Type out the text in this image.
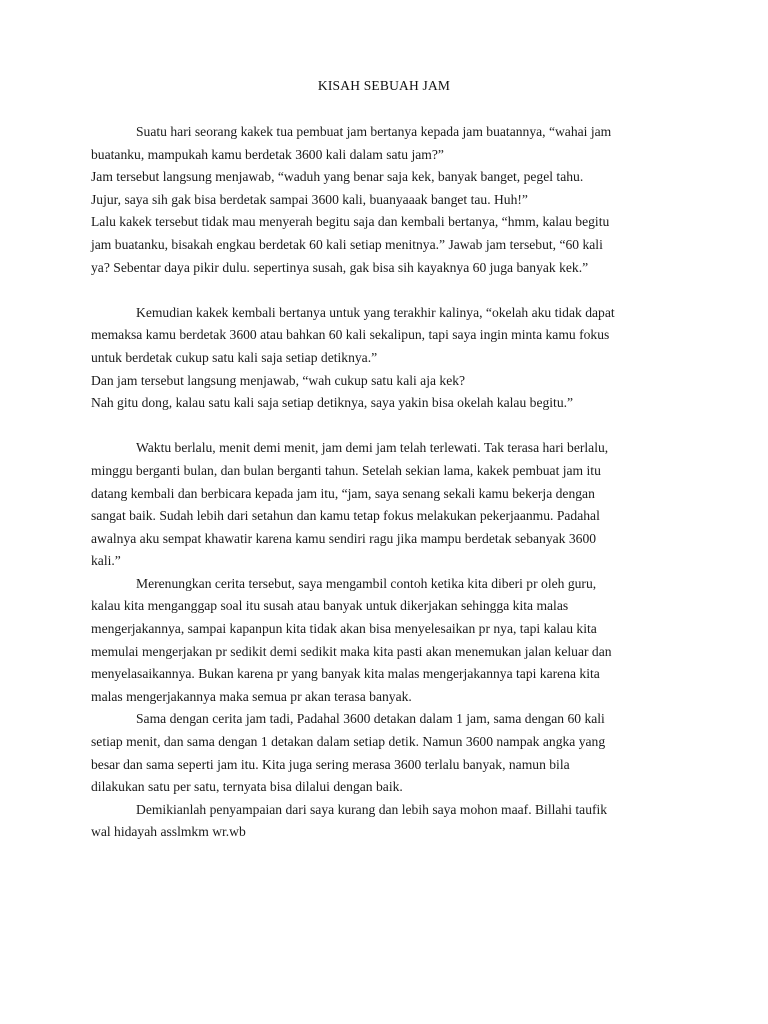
KISAH SEBUAH JAM
Suatu hari seorang kakek tua pembuat jam bertanya kepada jam buatannya, “wahai jam
buatanku, mampukah kamu berdetak 3600 kali dalam satu jam?”
Jam tersebut langsung menjawab, “waduh yang benar saja kek, banyak banget, pegel tahu.
Jujur, saya sih gak bisa berdetak sampai 3600 kali, buanyaaak banget tau. Huh!”
Lalu kakek tersebut tidak mau menyerah begitu saja dan kembali bertanya, “hmm, kalau begitu
jam buatanku, bisakah engkau berdetak 60 kali setiap menitnya.” Jawab jam tersebut, “60 kali
ya? Sebentar daya pikir dulu. sepertinya susah, gak bisa sih kayaknya 60 juga banyak kek.”
Kemudian kakek kembali bertanya untuk yang terakhir kalinya, “okelah aku tidak dapat
memaksa kamu berdetak 3600 atau bahkan 60 kali sekalipun, tapi saya ingin minta kamu fokus
untuk berdetak cukup satu kali saja setiap detiknya.”
Dan jam tersebut langsung menjawab, “wah cukup satu kali aja kek?
Nah gitu dong, kalau satu kali saja setiap detiknya, saya yakin bisa okelah kalau begitu.”
Waktu berlalu, menit demi menit, jam demi jam telah terlewati. Tak terasa hari berlalu,
minggu berganti bulan, dan bulan berganti tahun. Setelah sekian lama, kakek pembuat jam itu
datang kembali dan berbicara kepada jam itu, “jam, saya senang sekali kamu bekerja dengan
sangat baik. Sudah lebih dari setahun dan kamu tetap fokus melakukan pekerjaanmu. Padahal
awalnya aku sempat khawatir karena kamu sendiri ragu jika mampu berdetak sebanyak 3600
kali.”
Merenungkan cerita tersebut, saya mengambil contoh ketika kita diberi pr oleh guru,
kalau kita menganggap soal itu susah atau banyak untuk dikerjakan sehingga kita malas
mengerjakannya, sampai kapanpun kita tidak akan bisa menyelesaikan pr nya, tapi kalau kita
memulai mengerjakan pr sedikit demi sedikit maka kita pasti akan menemukan jalan keluar dan
menyelasaikannya. Bukan karena pr yang banyak kita malas mengerjakannya tapi karena kita
malas mengerjakannya maka semua pr akan terasa banyak.
Sama dengan cerita jam tadi, Padahal 3600 detakan dalam 1 jam, sama dengan 60 kali
setiap menit, dan sama dengan 1 detakan dalam setiap detik. Namun 3600 nampak angka yang
besar dan sama seperti jam itu. Kita juga sering merasa 3600 terlalu banyak, namun bila
dilakukan satu per satu, ternyata bisa dilalui dengan baik.
Demikianlah penyampaian dari saya kurang dan lebih saya mohon maaf. Billahi taufik
wal hidayah asslmkm wr.wb
